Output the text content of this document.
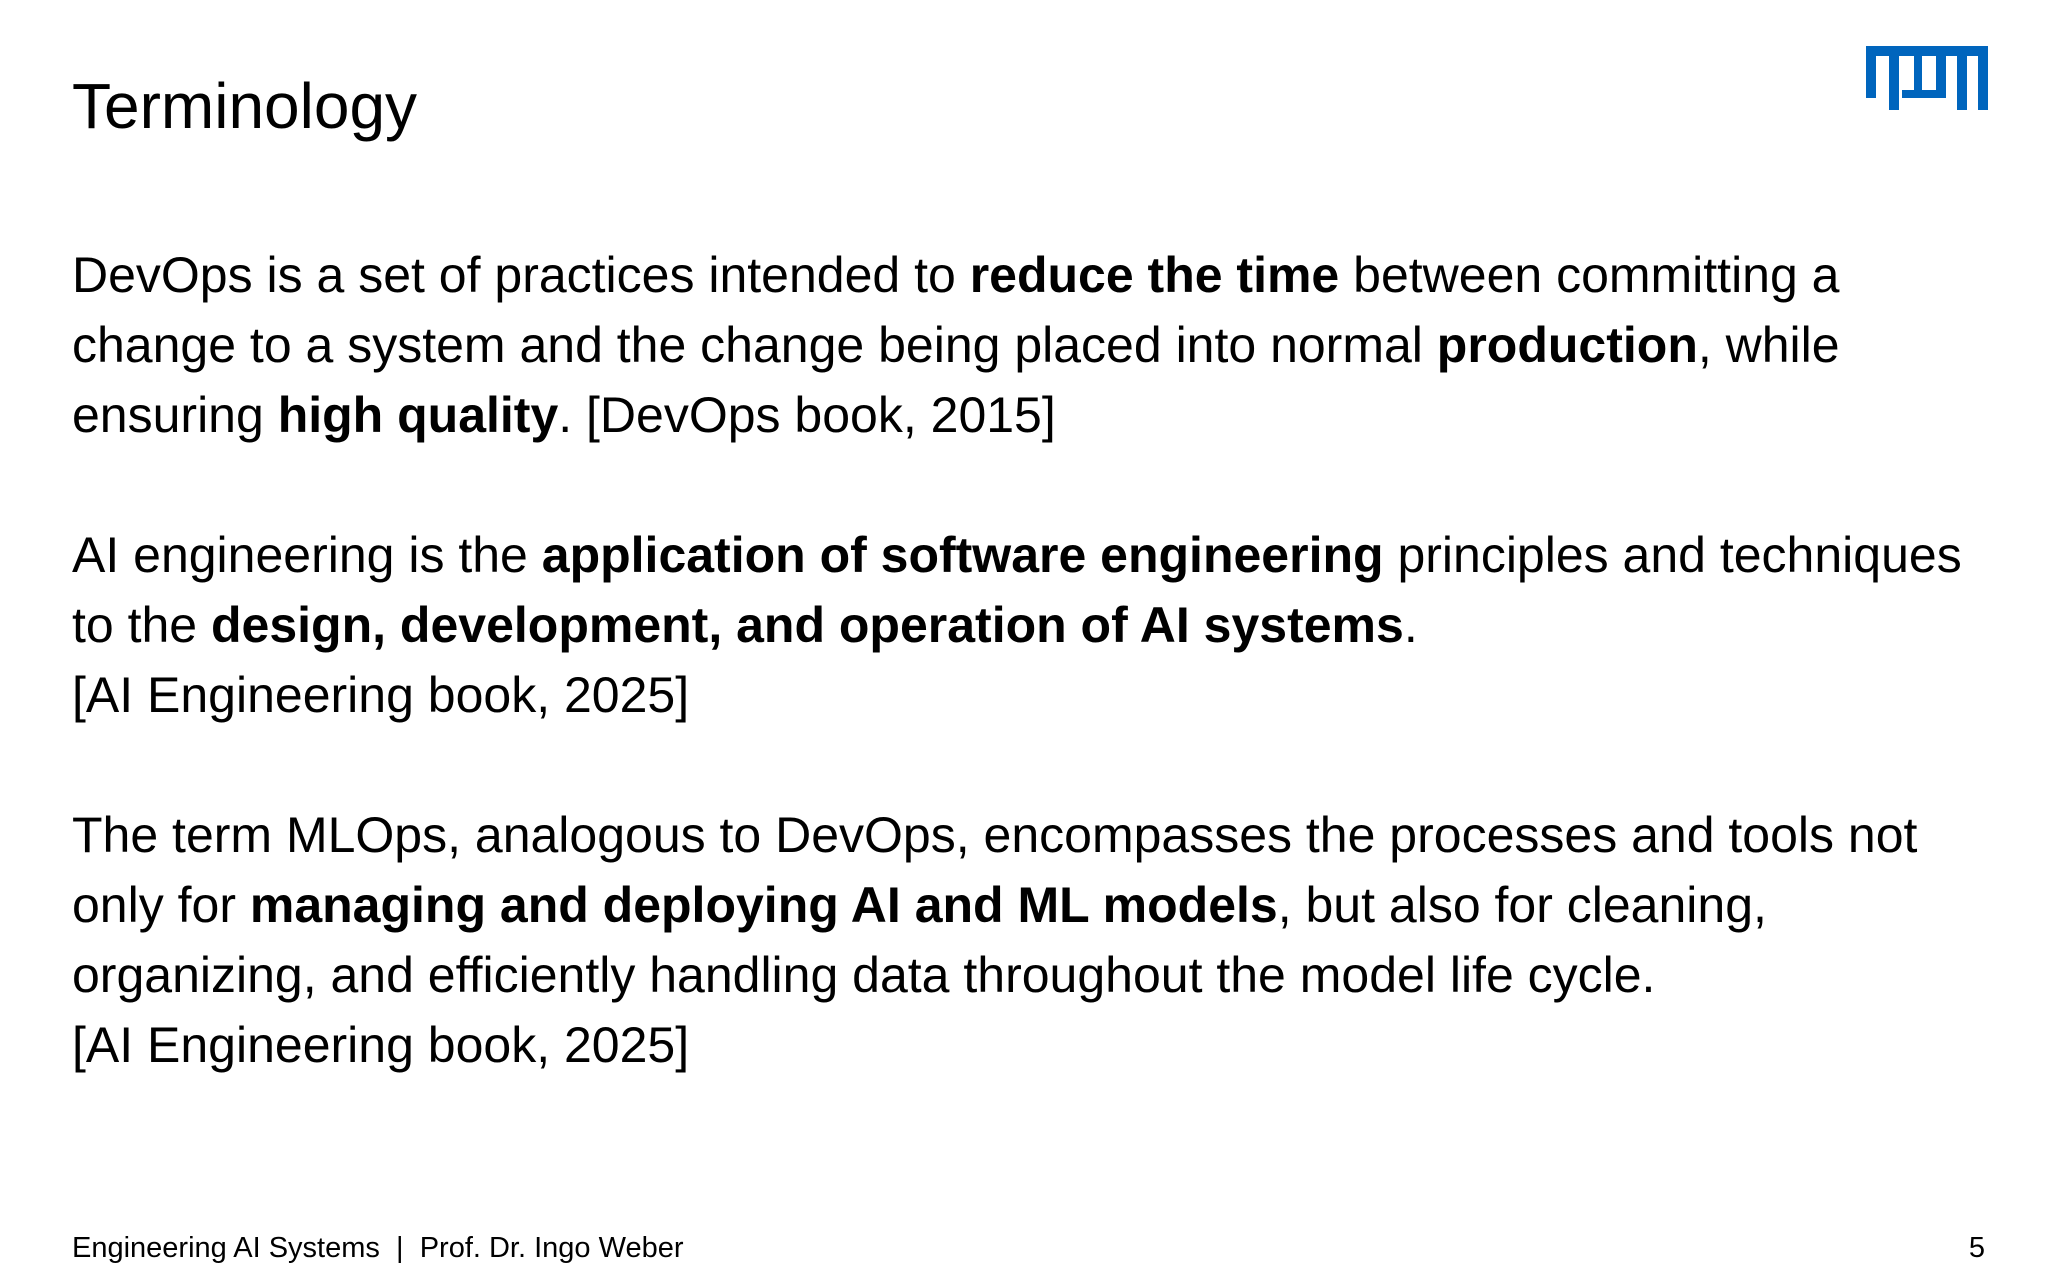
Terminology

DevOps is a set of practices intended to reduce the time between committing a change to a system and the change being placed into normal production, while ensuring high quality. [DevOps book, 2015]

AI engineering is the application of software engineering principles and techniques to the design, development, and operation of AI systems.
[AI Engineering book, 2025]

The term MLOps, analogous to DevOps, encompasses the processes and tools not only for managing and deploying AI and ML models, but also for cleaning, organizing, and efficiently handling data throughout the model life cycle.
[AI Engineering book, 2025]

Engineering AI Systems | Prof. Dr. Ingo Weber	5
